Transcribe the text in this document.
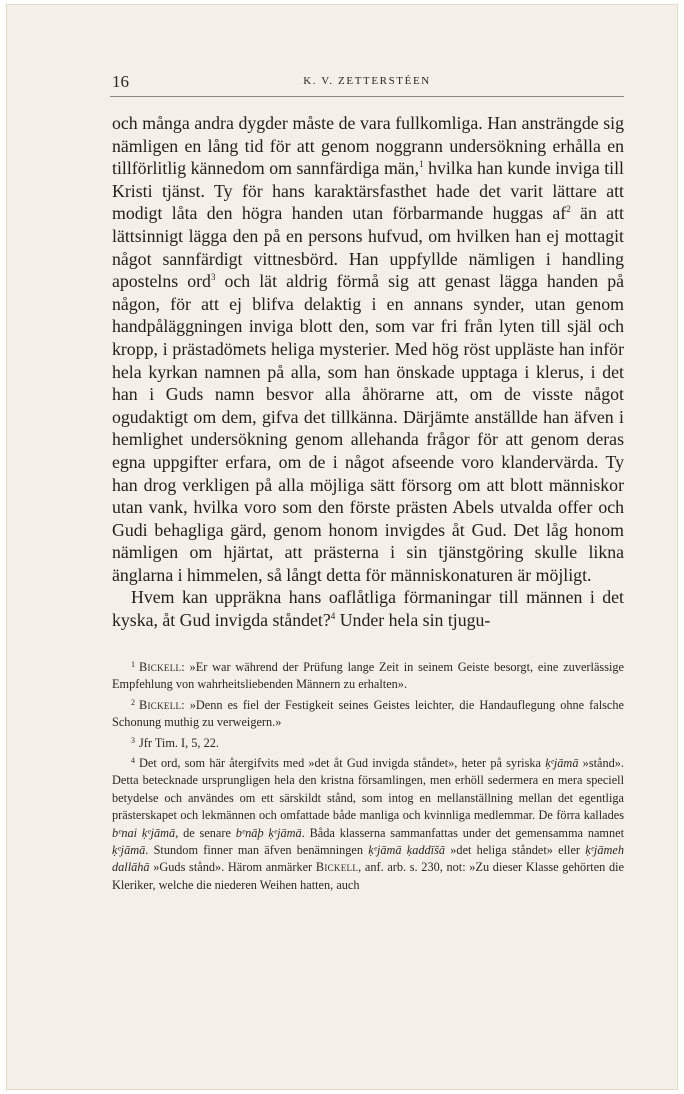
16	K. V. ZETTERSTÉEN

och många andra dygder måste de vara fullkomliga. Han ansträngde sig nämligen en lång tid för att genom noggrann undersökning erhålla en tillförlitlig kännedom om sannfärdiga män,$^1$ hvilka han kunde inviga till Kristi tjänst. Ty för hans karaktärsfasthet hade det varit lättare att modigt låta den högra handen utan förbarmande huggas $af^2$ än att lättsinnigt lägga den på en persons hufvud, om hvilken han ej mottagit något sannfärdigt vittnesbörd. Han uppfyllde nämligen i handling apostelns ord$^3$ och lät aldrig förmå sig att genast lägga handen på någon, för att ej blifva delaktig i en annans synder, utan genom handpåläggningen inviga blott den, som var fri från lyten till själ och kropp, i prästadömets heliga mysterier. Med hög röst uppläste han inför hela kyrkan namnen på alla, som han önskade upptaga i klerus, i det han i Guds namn besvor alla åhörarne att, om de visste något ogudaktigt om dem, gifva det tillkänna. Därjämte anställde han äfven i hemlighet undersökning genom allehanda frågor för att genom deras egna uppgifter erfara, om de i något afseende voro klandervärda. Ty han drog verkligen på alla möjliga sätt försorg om att blott människor utan vank, hvilka voro som den förste prästen Abels utvalda offer och Gudi behagliga gärd, genom honom invigdes åt Gud. Det låg honom nämligen om hjärtat, att prästerna i sin tjänstgöring skulle likna änglarna i himmelen, så långt detta för människonaturen är möjligt.

Hvem kan uppräkna hans oaflåtliga förmaningar till männen i det kyska, åt Gud invigda ståndet?$^4$ Under hela sin tjugu-

$^1$ Bickell: »Er war während der Prüfung lange Zeit in seinem Geiste besorgt, eine zuverlässige Empfehlung von wahrheitsliebenden Männern zu erhalten».

$^2$ Bickell: »Denn es fiel der Festigkeit seines Geistes leichter, die Handauflegung ohne falsche Schonung muthig zu verweigern.»

$^3$ Jfr Tim. I, 5, 22.

$^4$ Det ord, som här återgifvits med »det åt Gud invigda ståndet», heter på syriska ḳᵉjāmā »stånd». Detta betecknade ursprungligen hela den kristna församlingen, men erhöll sedermera en mera speciell betydelse och användes om ett särskildt stånd, som intog en mellanställning mellan det egentliga prästerskapet och lekmännen och omfattade både manliga och kvinnliga medlemmar. De förra kallades bᵉnai ḳᵉjāmā, de senare bᵉnāþ ḳᵉjāmā. Båda klasserna sammanfattas under det gemensamma namnet ḳᵉjāmā. Stundom finner man äfven benämningen ḳᵉjāmā ḳaddīšā »det heliga ståndet» eller ḳᵉjāmeh dallāhā »Guds stånd». Härom anmärker Bickell, anf. arb. s. 230, not: »Zu dieser Klasse gehörten die Kleriker, welche die niederen Weihen hatten, auch
